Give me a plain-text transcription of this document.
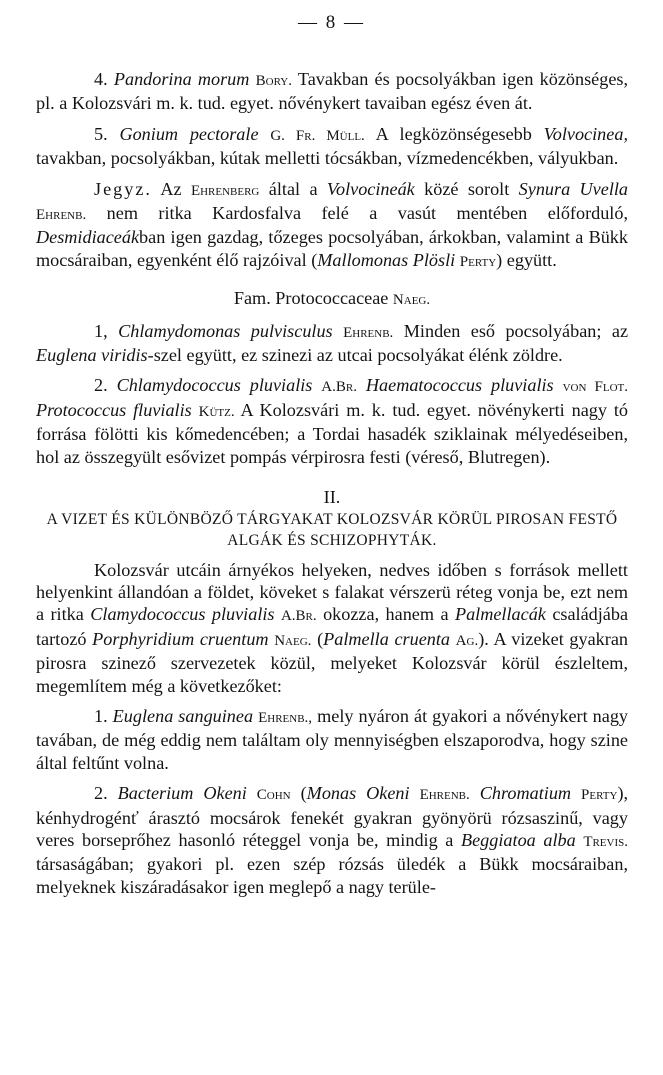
— 8 —

4. Pandorina morum Bory. Tavakban és pocsolyákban igen közönséges, pl. a Kolozsvári m. k. tud. egyet. nővénykert tavaiban egész éven át.

5. Gonium pectorale G. Fr. Müll. A legközönségesebb Volvocinea, tavakban, pocsolyákban, kútak melletti tócsákban, vízmedencékben, vályukban.

Jegyz. Az Ehrenberg által a Volvocineák közé sorolt Synura Uvella Ehrenb. nem ritka Kardosfalva felé a vasút mentében előforduló, Desmidiaceákban igen gazdag, tőzeges pocsolyában, árkokban, valamint a Bükk mocsáraiban, egyenként élő rajzóival (Mallomonas Plösli Perty) együtt.

Fam. Protococcaceae Naeg.

1, Chlamydomonas pulvisculus Ehrenb. Minden eső pocsolyában; az Euglena viridis-szel együtt, ez szinezi az utcai pocsolyákat élénk zöldre.

2. Chlamydococcus pluvialis A.Br. Haematococcus pluvialis von Flot. Protococcus fluvialis Kütz. A Kolozsvári m. k. tud. egyet. növénykerti nagy tó forrása fölötti kis kőmedencében; a Tordai hasadék sziklainak mélyedéseiben, hol az összegyült esővizet pompás vérpirosra festi (véreső, Blutregen).

II.

A VIZET ÉS KÜLÖNBÖZŐ TÁRGYAKAT KOLOZSVÁR KÖRÜL PIROSAN FESTŐ ALGÁK ÉS SCHIZOPHYTÁK.

Kolozsvár utcáin árnyékos helyeken, nedves időben s források mellett helyenkint állandóan a földet, köveket s falakat vérszerü réteg vonja be, ezt nem a ritka Clamydococcus pluvialis A.Br. okozza, hanem a Palmellacák családjába tartozó Porphyridium cruentum Naeg. (Palmella cruenta Ag.). A vizeket gyakran pirosra szinező szervezetek közül, melyeket Kolozsvár körül észleltem, megemlítem még a következőket:

1. Euglena sanguinea Ehrenb., mely nyáron át gyakori a nővénykert nagy tavában, de még eddig nem találtam oly mennyiségben elszaporodva, hogy szine által feltűnt volna.

2. Bacterium Okeni Cohn (Monas Okeni Ehrenb. Chromatium Perty), kénhydrogénť árasztó mocsárok fenekét gyakran gyönyörü rózsaszinű, vagy veres borseprőhez hasonló réteggel vonja be, mindig a Beggiatoa alba Trevis. társaságában; gyakori pl. ezen szép rózsás üledék a Bükk mocsáraiban, melyeknek kiszáradásakor igen meglepő a nagy terüle-
